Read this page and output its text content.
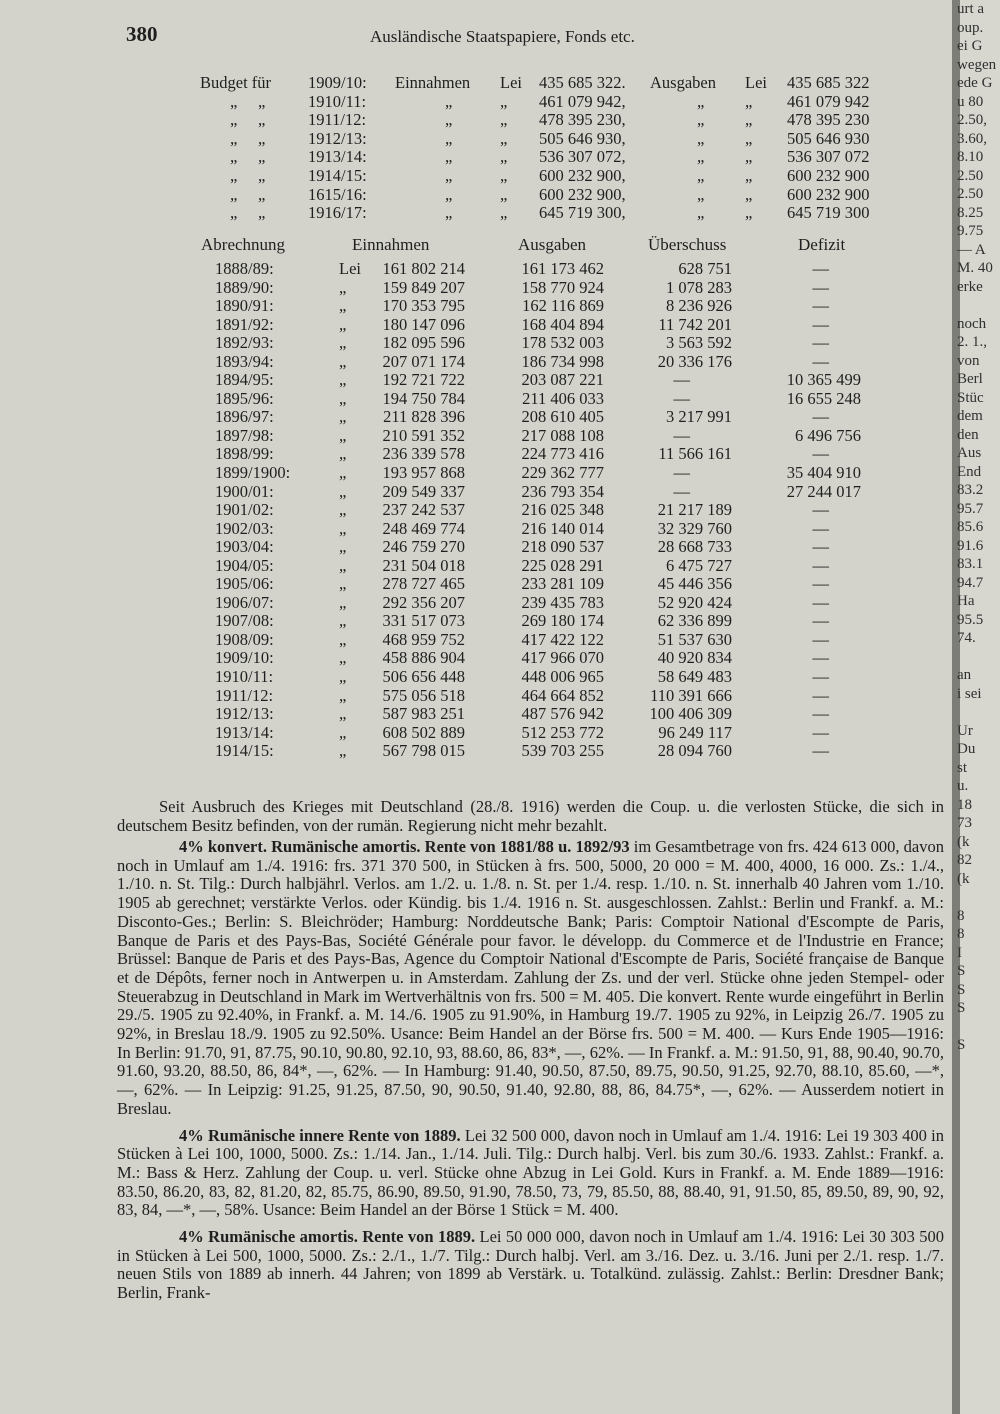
380	Ausländische Staatspapiere, Fonds etc.
Budget für 1909/10: Einnahmen Lei 435 685 322. Ausgaben Lei 435 685 322
„ „	1910/11:	„	„ 461 079 942,	„ „ 461 079 942
„ „	1911/12:	„	„ 478 395 230,	„ „ 478 395 230
„ „	1912/13:	„	„ 505 646 930,	„ „ 505 646 930
„ „	1913/14:	„	„ 536 307 072,	„ „ 536 307 072
„ „	1914/15:	„	„ 600 232 900,	„ „ 600 232 900
„ „	1615/16:	„	„ 600 232 900,	„ „ 600 232 900
„ „	1916/17:	„	„ 645 719 300,	„ „ 645 719 300
Abrechnung	Einnahmen	Ausgaben	Überschuss	Defizit
1888/89:	Lei 161 802 214	161 173 462	628 751	—
1889/90:	„ 159 849 207	158 770 924	1 078 283	—
1890/91:	„ 170 353 795	162 116 869	8 236 926	—
1891/92:	„ 180 147 096	168 404 894	11 742 201	—
1892/93:	„ 182 095 596	178 532 003	3 563 592	—
1893/94:	„ 207 071 174	186 734 998	20 336 176	—
1894/95:	„ 192 721 722	203 087 221	—	10 365 499
1895/96:	„ 194 750 784	211 406 033	—	16 655 248
1896/97:	„ 211 828 396	208 610 405	3 217 991	—
1897/98:	„ 210 591 352	217 088 108	—	6 496 756
1898/99:	„ 236 339 578	224 773 416	11 566 161	—
1899/1900:	„ 193 957 868	229 362 777	—	35 404 910
1900/01:	„ 209 549 337	236 793 354	—	27 244 017
1901/02:	„ 237 242 537	216 025 348	21 217 189	—
1902/03:	„ 248 469 774	216 140 014	32 329 760	—
1903/04:	„ 246 759 270	218 090 537	28 668 733	—
1904/05:	„ 231 504 018	225 028 291	6 475 727	—
1905/06:	„ 278 727 465	233 281 109	45 446 356	—
1906/07:	„ 292 356 207	239 435 783	52 920 424	—
1907/08:	„ 331 517 073	269 180 174	62 336 899	—
1908/09:	„ 468 959 752	417 422 122	51 537 630	—
1909/10:	„ 458 886 904	417 966 070	40 920 834	—
1910/11:	„ 506 656 448	448 006 965	58 649 483	—
1911/12:	„ 575 056 518	464 664 852	110 391 666	—
1912/13:	„ 587 983 251	487 576 942	100 406 309	—
1913/14:	„ 608 502 889	512 253 772	96 249 117	—
1914/15:	„ 567 798 015	539 703 255	28 094 760	—

Seit Ausbruch des Krieges mit Deutschland (28./8. 1916) werden die Coup. u. die verlosten Stücke, die sich in deutschem Besitz befinden, von der rumän. Regierung nicht mehr bezahlt.

4% konvert. Rumänische amortis. Rente von 1881/88 u. 1892/93 im Gesamtbetrage von frs. 424 613 000, davon noch in Umlauf am 1./4. 1916: frs. 371 370 500, in Stücken à frs. 500, 5000, 20 000 = M. 400, 4000, 16 000. Zs.: 1./4., 1./10. n. St. Tilg.: Durch halbjährl. Verlos. am 1./2. u. 1./8. n. St. per 1./4. resp. 1./10. n. St. innerhalb 40 Jahren vom 1./10. 1905 ab gerechnet; verstärkte Verlos. oder Kündig. bis 1./4. 1916 n. St. ausgeschlossen. Zahlst.: Berlin und Frankf. a. M.: Disconto-Ges.; Berlin: S. Bleichröder; Hamburg: Norddeutsche Bank; Paris: Comptoir National d'Escompte de Paris, Banque de Paris et des Pays-Bas, Société Générale pour favor. le développ. du Commerce et de l'Industrie en France; Brüssel: Banque de Paris et des Pays-Bas, Agence du Comptoir National d'Escompte de Paris, Société française de Banque et de Dépôts, ferner noch in Antwerpen u. in Amsterdam. Zahlung der Zs. und der verl. Stücke ohne jeden Stempel- oder Steuerabzug in Deutschland in Mark im Wertverhältnis von frs. 500 = M. 405. Die konvert. Rente wurde eingeführt in Berlin 29./5. 1905 zu 92.40%, in Frankf. a. M. 14./6. 1905 zu 91.90%, in Hamburg 19./7. 1905 zu 92%, in Leipzig 26./7. 1905 zu 92%, in Breslau 18./9. 1905 zu 92.50%. Usance: Beim Handel an der Börse frs. 500 = M. 400. — Kurs Ende 1905—1916: In Berlin: 91.70, 91, 87.75, 90.10, 90.80, 92.10, 93, 88.60, 86, 83*, —, 62%. — In Frankf. a. M.: 91.50, 91, 88, 90.40, 90.70, 91.60, 93.20, 88.50, 86, 84*, —, 62%. — In Hamburg: 91.40, 90.50, 87.50, 89.75, 90.50, 91.25, 92.70, 88.10, 85.60, —*, —, 62%. — In Leipzig: 91.25, 91.25, 87.50, 90, 90.50, 91.40, 92.80, 88, 86, 84.75*, —, 62%. — Ausserdem notiert in Breslau.

4% Rumänische innere Rente von 1889. Lei 32 500 000, davon noch in Umlauf am 1./4. 1916: Lei 19 303 400 in Stücken à Lei 100, 1000, 5000. Zs.: 1./14. Jan., 1./14. Juli. Tilg.: Durch halbj. Verl. bis zum 30./6. 1933. Zahlst.: Frankf. a. M.: Bass & Herz. Zahlung der Coup. u. verl. Stücke ohne Abzug in Lei Gold. Kurs in Frankf. a. M. Ende 1889—1916: 83.50, 86.20, 83, 82, 81.20, 82, 85.75, 86.90, 89.50, 91.90, 78.50, 73, 79, 85.50, 88, 88.40, 91, 91.50, 85, 89.50, 89, 90, 92, 83, 84, —*, —, 58%. Usance: Beim Handel an der Börse 1 Stück = M. 400.

4% Rumänische amortis. Rente von 1889. Lei 50 000 000, davon noch in Umlauf am 1./4. 1916: Lei 30 303 500 in Stücken à Lei 500, 1000, 5000. Zs.: 2./1., 1./7. Tilg.: Durch halbj. Verl. am 3./16. Dez. u. 3./16. Juni per 2./1. resp. 1./7. neuen Stils von 1889 ab innerh. 44 Jahren; von 1899 ab Verstärk. u. Totalkünd. zulässig. Zahlst.: Berlin: Dresdner Bank; Berlin, Frank-

urt a
oup.
ei G
wegen
ede G
u 80
2.50,
3.60,
8.10
2.50
2.50
8.25
9.75
— A
M. 40
erke

noch
2. 1.,
von
Berl
Stüc
dem
den
Aus
End
83.2
95.7
85.6
91.6
83.1
94.7
Ha
95.5
74.

an
i sei

Ur
Du
st
u.
18
73
(k
82
(k

8
8
I
S
S
S

S
